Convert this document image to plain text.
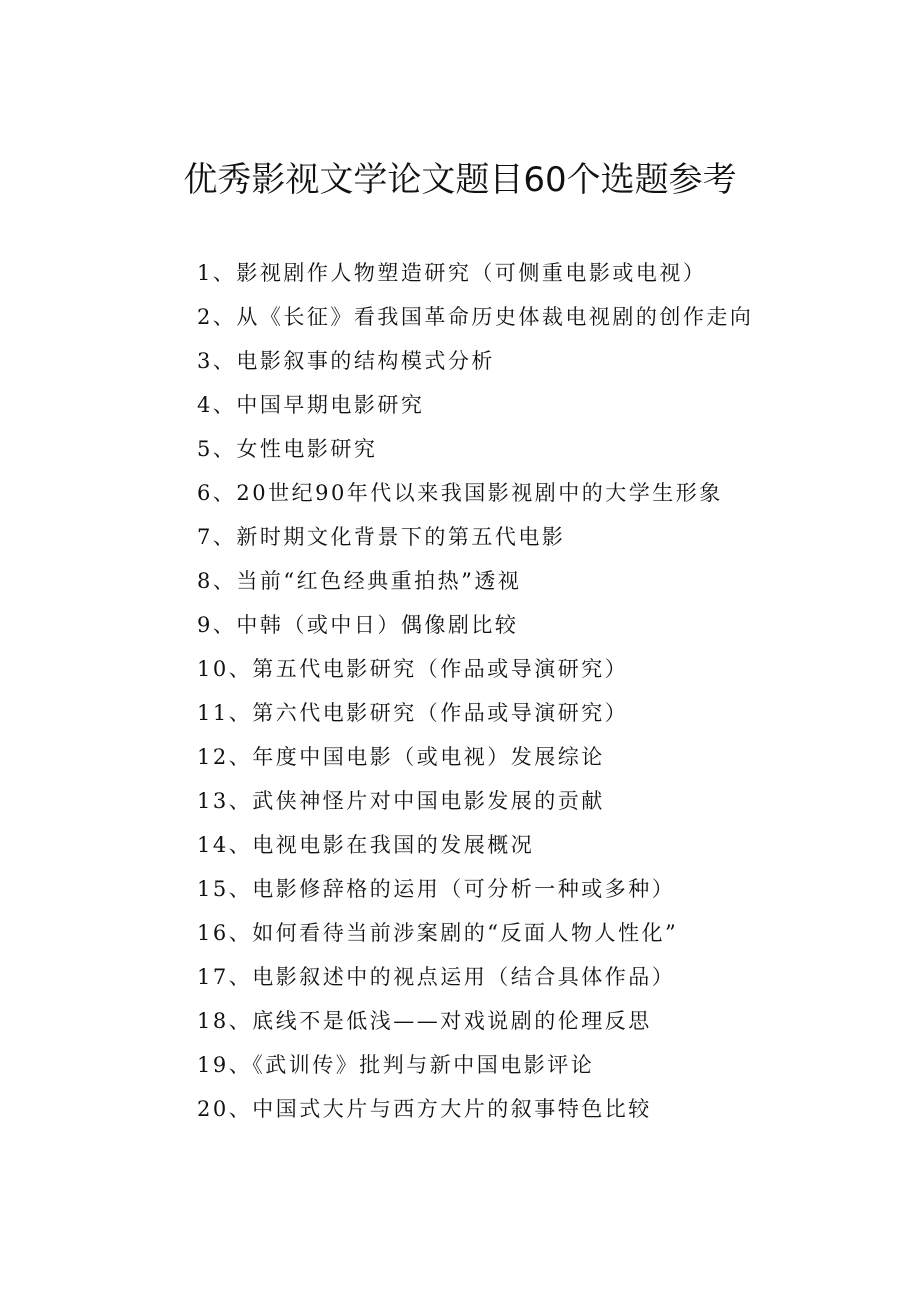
优秀影视文学论文题目60个选题参考
1、影视剧作人物塑造研究（可侧重电影或电视）
2、从《长征》看我国革命历史体裁电视剧的创作走向
3、电影叙事的结构模式分析
4、中国早期电影研究
5、女性电影研究
6、20世纪90年代以来我国影视剧中的大学生形象
7、新时期文化背景下的第五代电影
8、当前“红色经典重拍热”透视
9、中韩（或中日）偶像剧比较
10、第五代电影研究（作品或导演研究）
11、第六代电影研究（作品或导演研究）
12、年度中国电影（或电视）发展综论
13、武侠神怪片对中国电影发展的贡献
14、电视电影在我国的发展概况
15、电影修辞格的运用（可分析一种或多种）
16、如何看待当前涉案剧的“反面人物人性化”
17、电影叙述中的视点运用（结合具体作品）
18、底线不是低浅——对戏说剧的伦理反思
19、《武训传》批判与新中国电影评论
20、中国式大片与西方大片的叙事特色比较
